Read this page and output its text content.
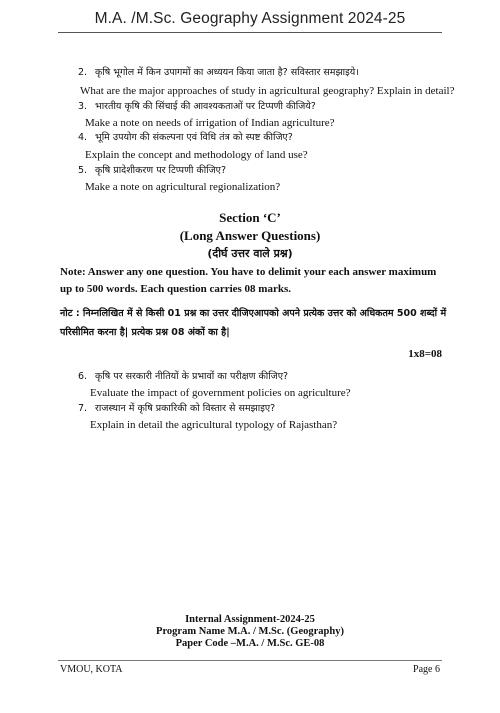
M.A. /M.Sc. Geography Assignment 2024-25
2. कृषि भूगोल में किन उपागमों का अध्ययन किया जाता है? सविस्तार समझाइये।
What are the major approaches of study in agricultural geography? Explain in detail?
3. भारतीय कृषि की सिंचाई की आवश्यकताओं पर टिप्पणी कीजिये?
Make a note on needs of irrigation of Indian agriculture?
4. भूमि उपयोग की संकल्पना एवं विधि तंत्र को स्पष्ट कीजिए?
Explain the concept and methodology of land use?
5. कृषि प्रादेशीकरण पर टिप्पणी कीजिए?
Make a note on agricultural regionalization?
Section ‘C’
(Long Answer Questions)
(दीर्घ उत्तर वाले प्रश्न)
Note: Answer any one question. You have to delimit your each answer maximum up to 500 words. Each question carries 08 marks.
नोट : निम्नलिखित में से किसी 01 प्रश्न का उत्तर दीजिएआपको अपने प्रत्येक उत्तर को अधिकतम 500 शब्दों में परिसीमित करना है| प्रत्येक प्रश्न 08 अंकों का है|
1x8=08
6. कृषि पर सरकारी नीतियों के प्रभावों का परीक्षण कीजिए?
Evaluate the impact of government policies on agriculture?
7. राजस्थान में कृषि प्रकारिकी को विस्तार से समझाइए?
Explain in detail the agricultural typology of Rajasthan?
Internal Assignment-2024-25
Program Name M.A. / M.Sc. (Geography)
Paper Code –M.A. / M.Sc. GE-08
VMOU, KOTA	Page 6
